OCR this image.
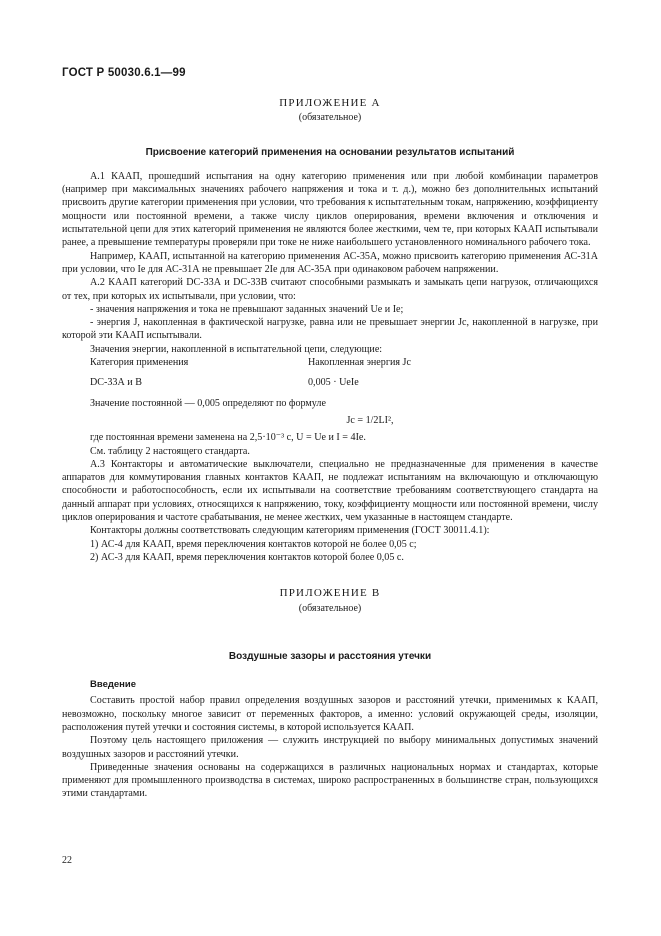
ГОСТ Р 50030.6.1—99
ПРИЛОЖЕНИЕ А
(обязательное)
Присвоение категорий применения на основании результатов испытаний

А.1 КААП, прошедший испытания на одну категорию применения или при любой комбинации параметров (например при максимальных значениях рабочего напряжения и тока и т. д.), можно без дополнительных испытаний присвоить другие категории применения при условии, что требования к испытательным токам, напряжению, коэффициенту мощности или постоянной времени, а также числу циклов оперирования, времени включения и отключения и испытательной цепи для этих категорий применения не являются более жесткими, чем те, при которых КААП испытывали ранее, а превышение температуры проверяли при токе не ниже наибольшего установленного номинального рабочего тока.

Например, КААП, испытанной на категорию применения АС-35А, можно присвоить категорию применения АС-31А при условии, что Iе для АС-31А не превышает 2Iе для АС-35А при одинаковом рабочем напряжении.

А.2 КААП категорий DС-33А и DС-33В считают способными размыкать и замыкать цепи нагрузок, отличающихся от тех, при которых их испытывали, при условии, что:

- значения напряжения и тока не превышают заданных значений Uе и Iе;

- энергия J, накопленная в фактической нагрузке, равна или не превышает энергии Jс, накопленной в нагрузке, при которой эти КААП испытывали.

Значения энергии, накопленной в испытательной цепи, следующие:

Категория применения	Накопленная энергия Jс
DС-33А и В	0,005 · UеIе

Значение постоянной — 0,005 определяют по формуле

Jс = 1/2LI²,

где постоянная времени заменена на 2,5·10⁻³ с, U = Uе и I = 4Iе.

См. таблицу 2 настоящего стандарта.

А.3 Контакторы и автоматические выключатели, специально не предназначенные для применения в качестве аппаратов для коммутирования главных контактов КААП, не подлежат испытаниям на включающую и отключающую способности и работоспособность, если их испытывали на соответствие требованиям соответствующего стандарта на данный аппарат при условиях, относящихся к напряжению, току, коэффициенту мощности или постоянной времени, числу циклов оперирования и частоте срабатывания, не менее жестких, чем указанные в настоящем стандарте.

Контакторы должны соответствовать следующим категориям применения (ГОСТ 30011.4.1):

1) АС-4 для КААП, время переключения контактов которой не более 0,05 с;

2) АС-3 для КААП, время переключения контактов которой более 0,05 с.

ПРИЛОЖЕНИЕ В
(обязательное)
Воздушные зазоры и расстояния утечки
Введение

Составить простой набор правил определения воздушных зазоров и расстояний утечки, применимых к КААП, невозможно, поскольку многое зависит от переменных факторов, а именно: условий окружающей среды, изоляции, расположения путей утечки и состояния системы, в которой используется КААП.

Поэтому цель настоящего приложения — служить инструкцией по выбору минимальных допустимых значений воздушных зазоров и расстояний утечки.

Приведенные значения основаны на содержащихся в различных национальных нормах и стандартах, которые применяют для промышленного производства в системах, широко распространенных в большинстве стран, пользующихся этими стандартами.

22
